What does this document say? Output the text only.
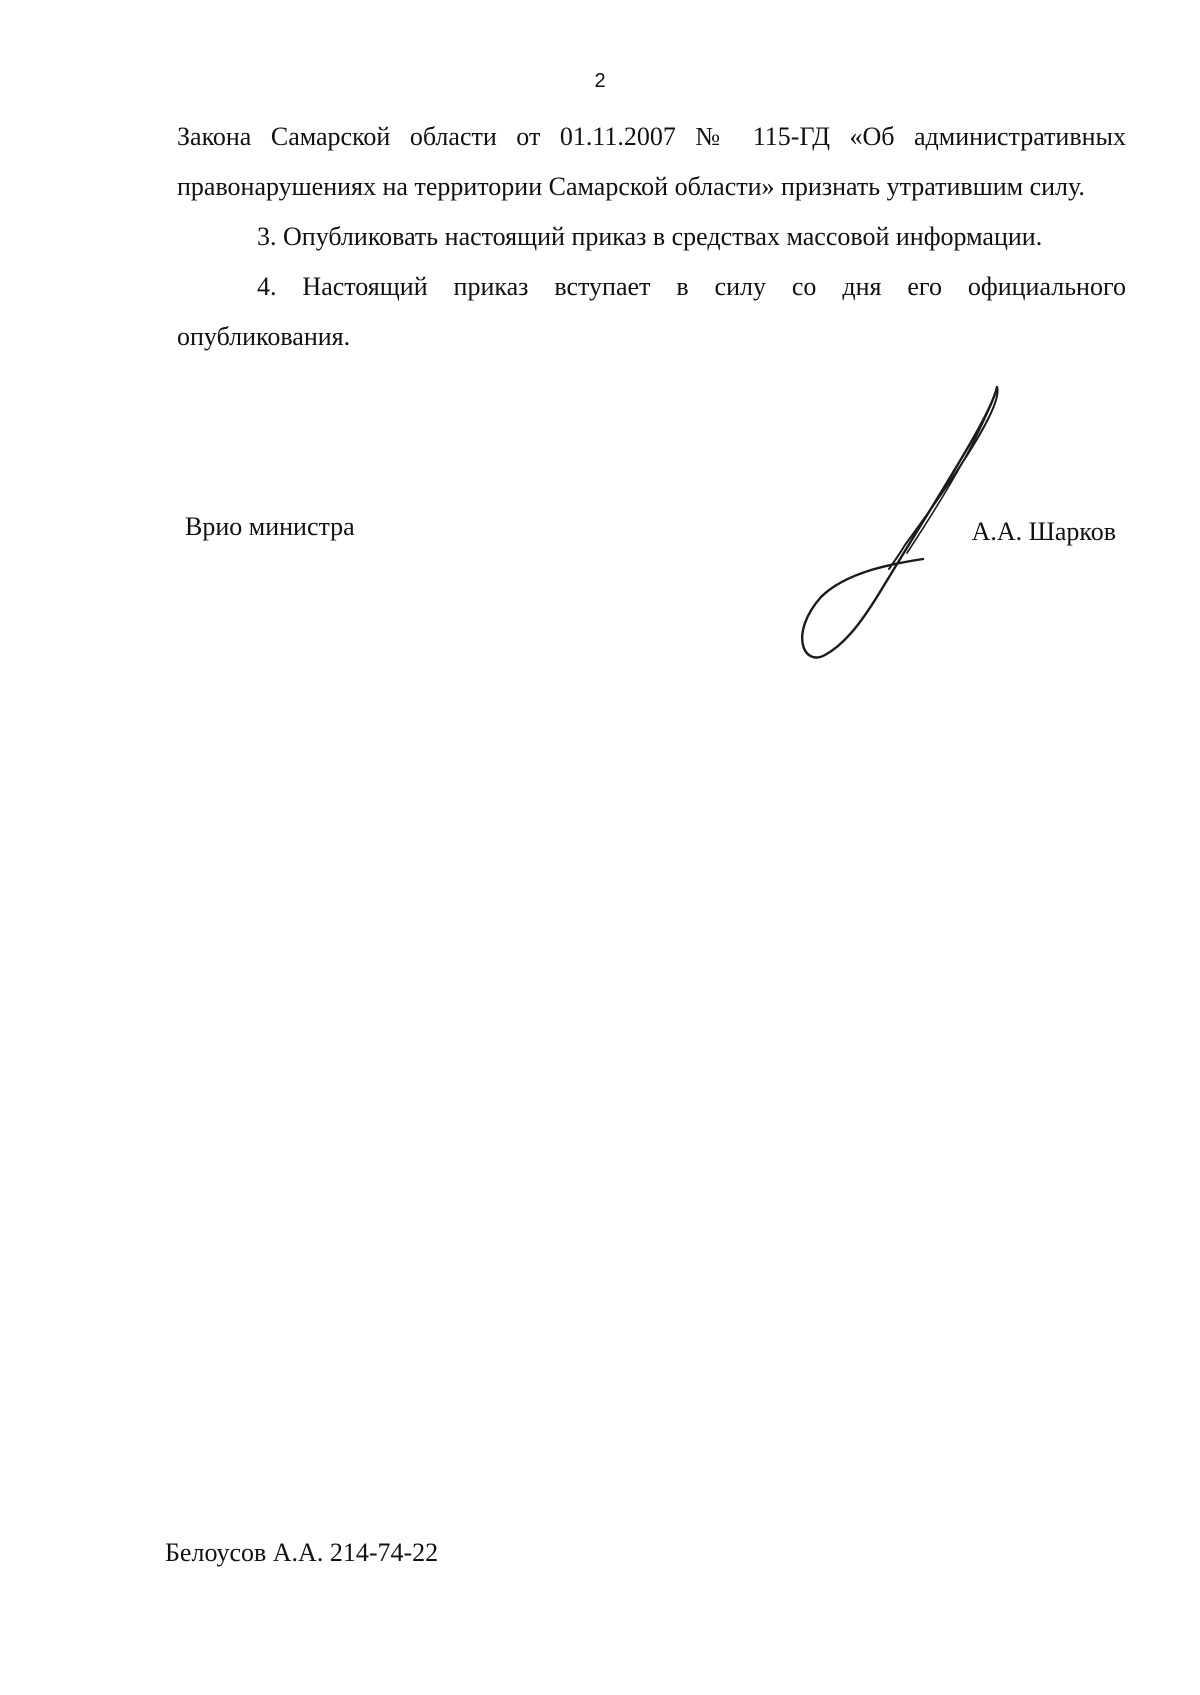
2

Закона Самарской области от 01.11.2007 № 115-ГД «Об административных правонарушениях на территории Самарской области» признать утратившим силу.

3. Опубликовать настоящий приказ в средствах массовой информации.

4. Настоящий приказ вступает в силу со дня его официального опубликования.

Врио министра	А.А. Шарков
Белоусов А.А. 214-74-22
